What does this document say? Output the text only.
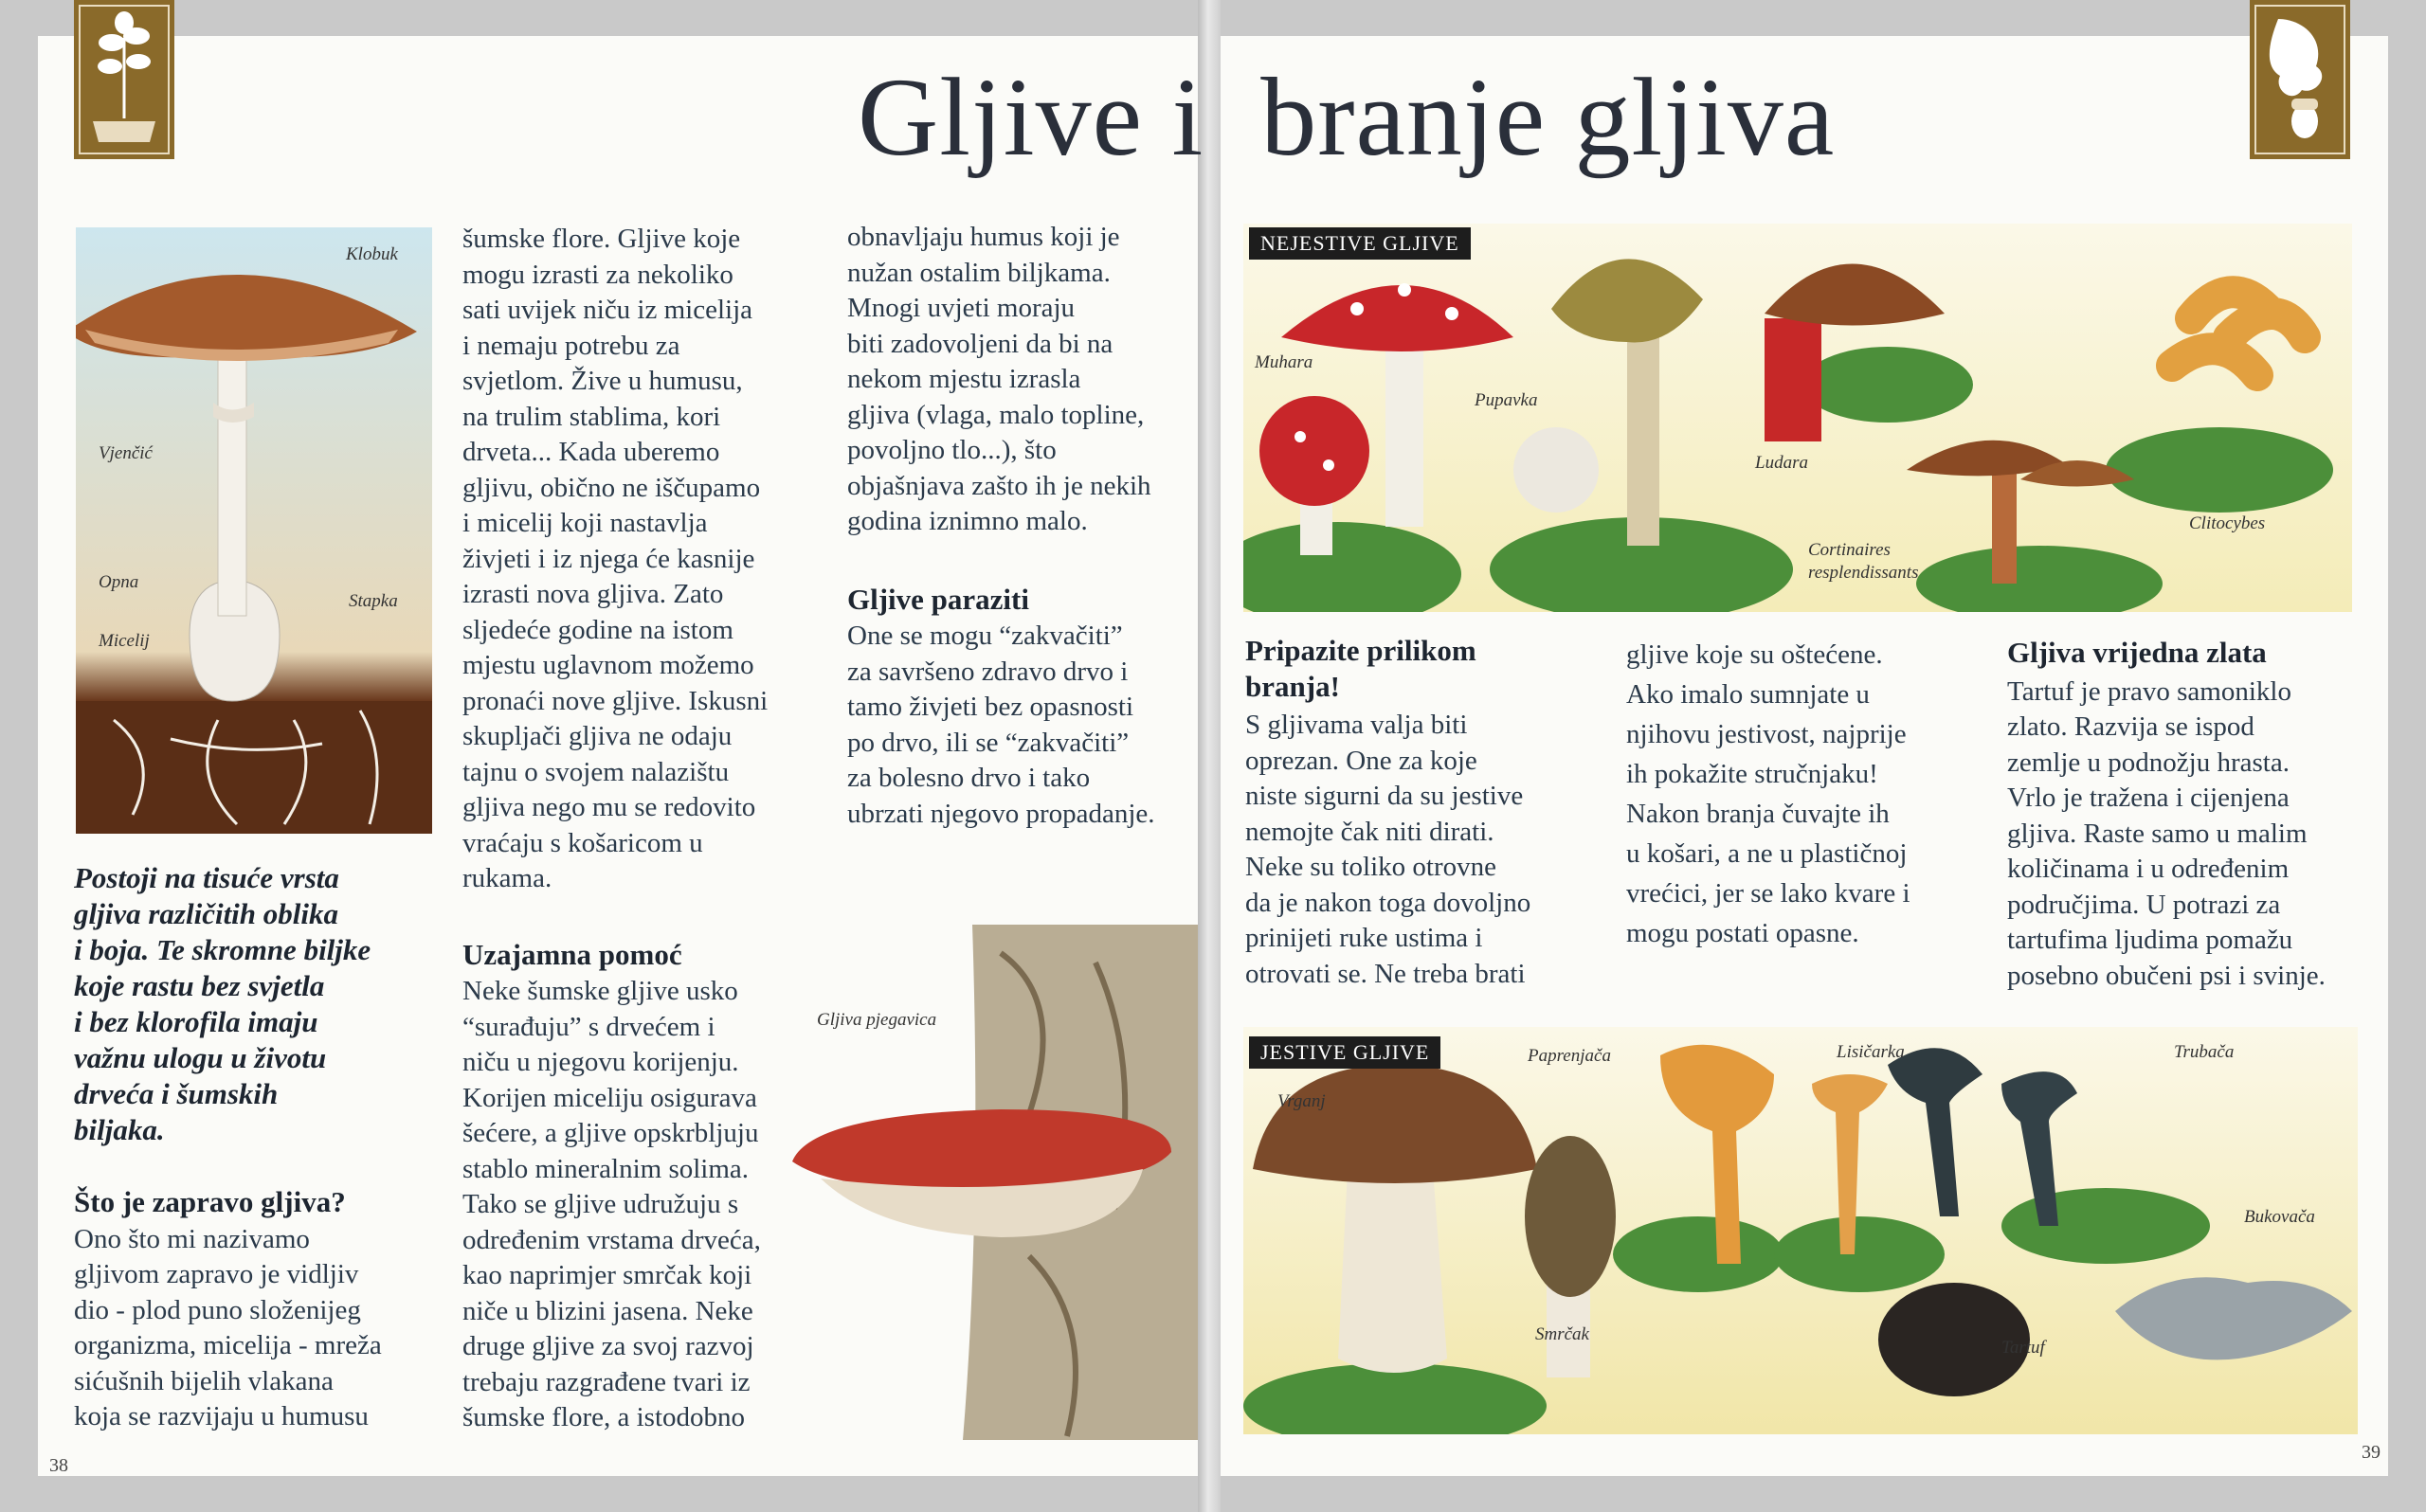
Gljive i branje gljiva
Klobuk
Vjenčić
Opna
Stapka
Micelij
Postoji na tisuće vrsta
gljiva različitih oblika
i boja. Te skromne biljke
koje rastu bez svjetla
i bez klorofila imaju
važnu ulogu u životu
drveća i šumskih
biljaka.
Što je zapravo gljiva?
Ono što mi nazivamo
gljivom zapravo je vidljiv
dio - plod puno složenijeg
organizma, micelija - mreža
sićušnih bijelih vlakana
koja se razvijaju u humusu
šumske flore. Gljive koje
mogu izrasti za nekoliko
sati uvijek niču iz micelija
i nemaju potrebu za
svjetlom. Žive u humusu,
na trulim stablima, kori
drveta... Kada uberemo
gljivu, obično ne iščupamo
i micelij koji nastavlja
živjeti i iz njega će kasnije
izrasti nova gljiva. Zato
sljedeće godine na istom
mjestu uglavnom možemo
pronaći nove gljive. Iskusni
skupljači gljiva ne odaju
tajnu o svojem nalazištu
gljiva nego mu se redovito
vraćaju s košaricom u
rukama.
Uzajamna pomoć
Neke šumske gljive usko
“surađuju” s drvećem i
niču u njegovu korijenju.
Korijen miceliju osigurava
šećere, a gljive opskrbljuju
stablo mineralnim solima.
Tako se gljive udružuju s
određenim vrstama drveća,
kao naprimjer smrčak koji
niče u blizini jasena. Neke
druge gljive za svoj razvoj
trebaju razgrađene tvari iz
šumske flore, a istodobno
obnavljaju humus koji je
nužan ostalim biljkama.
Mnogi uvjeti moraju
biti zadovoljeni da bi na
nekom mjestu izrasla
gljiva (vlaga, malo topline,
povoljno tlo...), što
objašnjava zašto ih je nekih
godina iznimno malo.
Gljive paraziti
One se mogu “zakvačiti”
za savršeno zdravo drvo i
tamo živjeti bez opasnosti
po drvo, ili se “zakvačiti”
za bolesno drvo i tako
ubrzati njegovo propadanje.
Gljiva pjegavica
NEJESTIVE GLJIVE
Muhara
Pupavka
Ludara
Cortinaires
resplendissants
Clitocybes
Pripazite prilikom
branja!
S gljivama valja biti
oprezan. One za koje
niste sigurni da su jestive
nemojte čak niti dirati.
Neke su toliko otrovne
da je nakon toga dovoljno
prinijeti ruke ustima i
otrovati se. Ne treba brati
gljive koje su oštećene.
Ako imalo sumnjate u
njihovu jestivost, najprije
ih pokažite stručnjaku!
Nakon branja čuvajte ih
u košari, a ne u plastičnoj
vrećici, jer se lako kvare i
mogu postati opasne.
Gljiva vrijedna zlata
Tartuf je pravo samoniklo
zlato. Razvija se ispod
zemlje u podnožju hrasta.
Vrlo je tražena i cijenjena
gljiva. Raste samo u malim
količinama i u određenim
područjima. U potrazi za
tartufima ljudima pomažu
posebno obučeni psi i svinje.
JESTIVE GLJIVE
Vrganj
Paprenjača	Lisičarka	Trubača
Bukovača
Smrčak
Tartuf
38
39
